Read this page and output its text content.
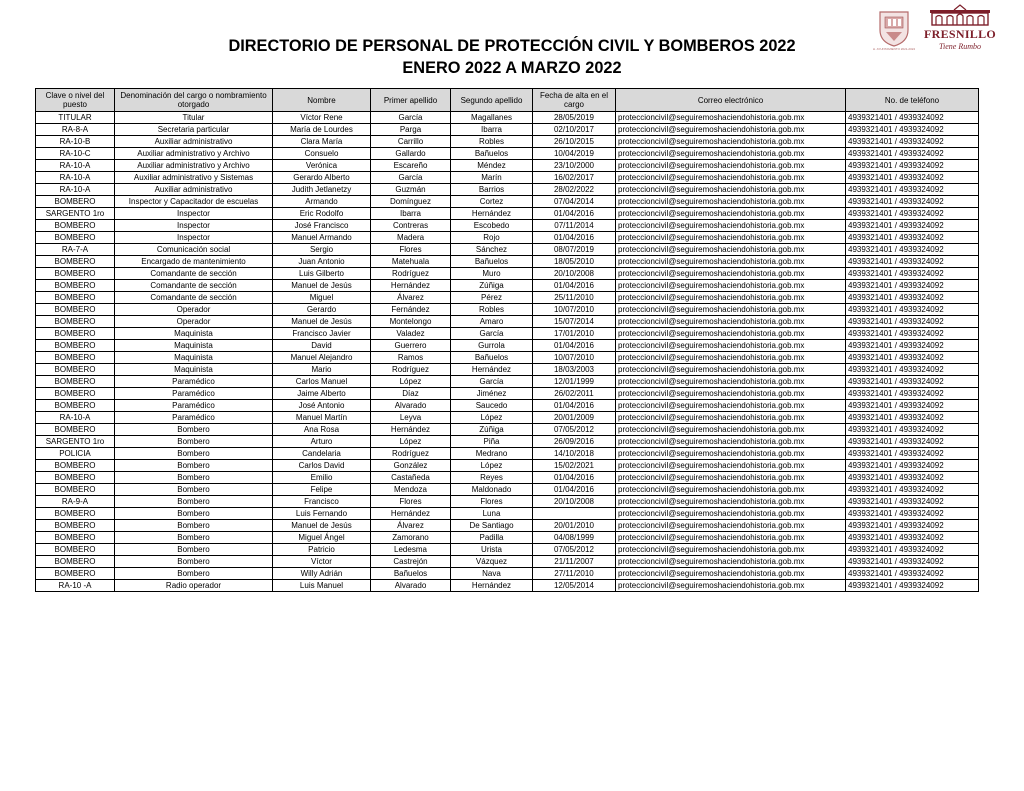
DIRECTORIO DE PERSONAL DE PROTECCIÓN CIVIL Y BOMBEROS 2022
ENERO 2022 A MARZO 2022
H. AYUNTAMIENTO 2021-2024
FRESNILLO
Tiene Rumbo
Clave o nivel del puesto	Denominación del cargo o nombramiento otorgado	Nombre	Primer apellido	Segundo apellido	Fecha de alta en el cargo	Correo electrónico	No. de teléfono
TITULAR	Titular	Víctor Rene	García	Magallanes	28/05/2019	proteccioncivil@seguiremoshaciendohistoria.gob.mx	4939321401 / 4939324092
RA-8-A	Secretaria particular	María de Lourdes	Parga	Ibarra	02/10/2017	proteccioncivil@seguiremoshaciendohistoria.gob.mx	4939321401 / 4939324092
RA-10-B	Auxiliar administrativo	Clara María	Carrillo	Robles	26/10/2015	proteccioncivil@seguiremoshaciendohistoria.gob.mx	4939321401 / 4939324092
RA-10-C	Auxiliar administrativo y Archivo	Consuelo	Gallardo	Bañuelos	10/04/2019	proteccioncivil@seguiremoshaciendohistoria.gob.mx	4939321401 / 4939324092
RA-10-A	Auxiliar administrativo y Archivo	Verónica	Escareño	Méndez	23/10/2000	proteccioncivil@seguiremoshaciendohistoria.gob.mx	4939321401 / 4939324092
RA-10-A	Auxiliar administrativo y Sistemas	Gerardo Alberto	García	Marín	16/02/2017	proteccioncivil@seguiremoshaciendohistoria.gob.mx	4939321401 / 4939324092
RA-10-A	Auxiliar administrativo	Judith Jetlanetzy	Guzmán	Barrios	28/02/2022	proteccioncivil@seguiremoshaciendohistoria.gob.mx	4939321401 / 4939324092
BOMBERO	Inspector y Capacitador de escuelas	Armando	Domínguez	Cortez	07/04/2014	proteccioncivil@seguiremoshaciendohistoria.gob.mx	4939321401 / 4939324092
SARGENTO 1ro	Inspector	Eric Rodolfo	Ibarra	Hernández	01/04/2016	proteccioncivil@seguiremoshaciendohistoria.gob.mx	4939321401 / 4939324092
BOMBERO	Inspector	José Francisco	Contreras	Escobedo	07/11/2014	proteccioncivil@seguiremoshaciendohistoria.gob.mx	4939321401 / 4939324092
BOMBERO	Inspector	Manuel Armando	Madera	Rojo	01/04/2016	proteccioncivil@seguiremoshaciendohistoria.gob.mx	4939321401 / 4939324092
RA-7-A	Comunicación social	Sergio	Flores	Sánchez	08/07/2019	proteccioncivil@seguiremoshaciendohistoria.gob.mx	4939321401 / 4939324092
BOMBERO	Encargado de mantenimiento	Juan Antonio	Matehuala	Bañuelos	18/05/2010	proteccioncivil@seguiremoshaciendohistoria.gob.mx	4939321401 / 4939324092
BOMBERO	Comandante de sección	Luis Gilberto	Rodríguez	Muro	20/10/2008	proteccioncivil@seguiremoshaciendohistoria.gob.mx	4939321401 / 4939324092
BOMBERO	Comandante de sección	Manuel de Jesús	Hernández	Zúñiga	01/04/2016	proteccioncivil@seguiremoshaciendohistoria.gob.mx	4939321401 / 4939324092
BOMBERO	Comandante de sección	Miguel	Álvarez	Pérez	25/11/2010	proteccioncivil@seguiremoshaciendohistoria.gob.mx	4939321401 / 4939324092
BOMBERO	Operador	Gerardo	Fernández	Robles	10/07/2010	proteccioncivil@seguiremoshaciendohistoria.gob.mx	4939321401 / 4939324092
BOMBERO	Operador	Manuel de Jesús	Montelongo	Amaro	15/07/2014	proteccioncivil@seguiremoshaciendohistoria.gob.mx	4939321401 / 4939324092
BOMBERO	Maquinista	Francisco Javier	Valadez	García	17/01/2010	proteccioncivil@seguiremoshaciendohistoria.gob.mx	4939321401 / 4939324092
BOMBERO	Maquinista	David	Guerrero	Gurrola	01/04/2016	proteccioncivil@seguiremoshaciendohistoria.gob.mx	4939321401 / 4939324092
BOMBERO	Maquinista	Manuel Alejandro	Ramos	Bañuelos	10/07/2010	proteccioncivil@seguiremoshaciendohistoria.gob.mx	4939321401 / 4939324092
BOMBERO	Maquinista	Mario	Rodríguez	Hernández	18/03/2003	proteccioncivil@seguiremoshaciendohistoria.gob.mx	4939321401 / 4939324092
BOMBERO	Paramédico	Carlos Manuel	López	García	12/01/1999	proteccioncivil@seguiremoshaciendohistoria.gob.mx	4939321401 / 4939324092
BOMBERO	Paramédico	Jaime Alberto	Díaz	Jiménez	26/02/2011	proteccioncivil@seguiremoshaciendohistoria.gob.mx	4939321401 / 4939324092
BOMBERO	Paramédico	José Antonio	Alvarado	Saucedo	01/04/2016	proteccioncivil@seguiremoshaciendohistoria.gob.mx	4939321401 / 4939324092
RA-10-A	Paramédico	Manuel Martín	Leyva	López	20/01/2009	proteccioncivil@seguiremoshaciendohistoria.gob.mx	4939321401 / 4939324092
BOMBERO	Bombero	Ana Rosa	Hernández	Zúñiga	07/05/2012	proteccioncivil@seguiremoshaciendohistoria.gob.mx	4939321401 / 4939324092
SARGENTO 1ro	Bombero	Arturo	López	Piña	26/09/2016	proteccioncivil@seguiremoshaciendohistoria.gob.mx	4939321401 / 4939324092
POLICIA	Bombero	Candelaria	Rodríguez	Medrano	14/10/2018	proteccioncivil@seguiremoshaciendohistoria.gob.mx	4939321401 / 4939324092
BOMBERO	Bombero	Carlos David	González	López	15/02/2021	proteccioncivil@seguiremoshaciendohistoria.gob.mx	4939321401 / 4939324092
BOMBERO	Bombero	Emilio	Castañeda	Reyes	01/04/2016	proteccioncivil@seguiremoshaciendohistoria.gob.mx	4939321401 / 4939324092
BOMBERO	Bombero	Felipe	Mendoza	Maldonado	01/04/2016	proteccioncivil@seguiremoshaciendohistoria.gob.mx	4939321401 / 4939324092
RA-9-A	Bombero	Francisco	Flores	Flores	20/10/2008	proteccioncivil@seguiremoshaciendohistoria.gob.mx	4939321401 / 4939324092
BOMBERO	Bombero	Luis Fernando	Hernández	Luna		proteccioncivil@seguiremoshaciendohistoria.gob.mx	4939321401 / 4939324092
BOMBERO	Bombero	Manuel de Jesús	Álvarez	De Santiago	20/01/2010	proteccioncivil@seguiremoshaciendohistoria.gob.mx	4939321401 / 4939324092
BOMBERO	Bombero	Miguel Ángel	Zamorano	Padilla	04/08/1999	proteccioncivil@seguiremoshaciendohistoria.gob.mx	4939321401 / 4939324092
BOMBERO	Bombero	Patricio	Ledesma	Urista	07/05/2012	proteccioncivil@seguiremoshaciendohistoria.gob.mx	4939321401 / 4939324092
BOMBERO	Bombero	Víctor	Castrejón	Vázquez	21/11/2007	proteccioncivil@seguiremoshaciendohistoria.gob.mx	4939321401 / 4939324092
BOMBERO	Bombero	Willy Adrián	Bañuelos	Nava	27/11/2010	proteccioncivil@seguiremoshaciendohistoria.gob.mx	4939321401 / 4939324092
RA-10 -A	Radio operador	Luis Manuel	Alvarado	Hernández	12/05/2014	proteccioncivil@seguiremoshaciendohistoria.gob.mx	4939321401 / 4939324092
